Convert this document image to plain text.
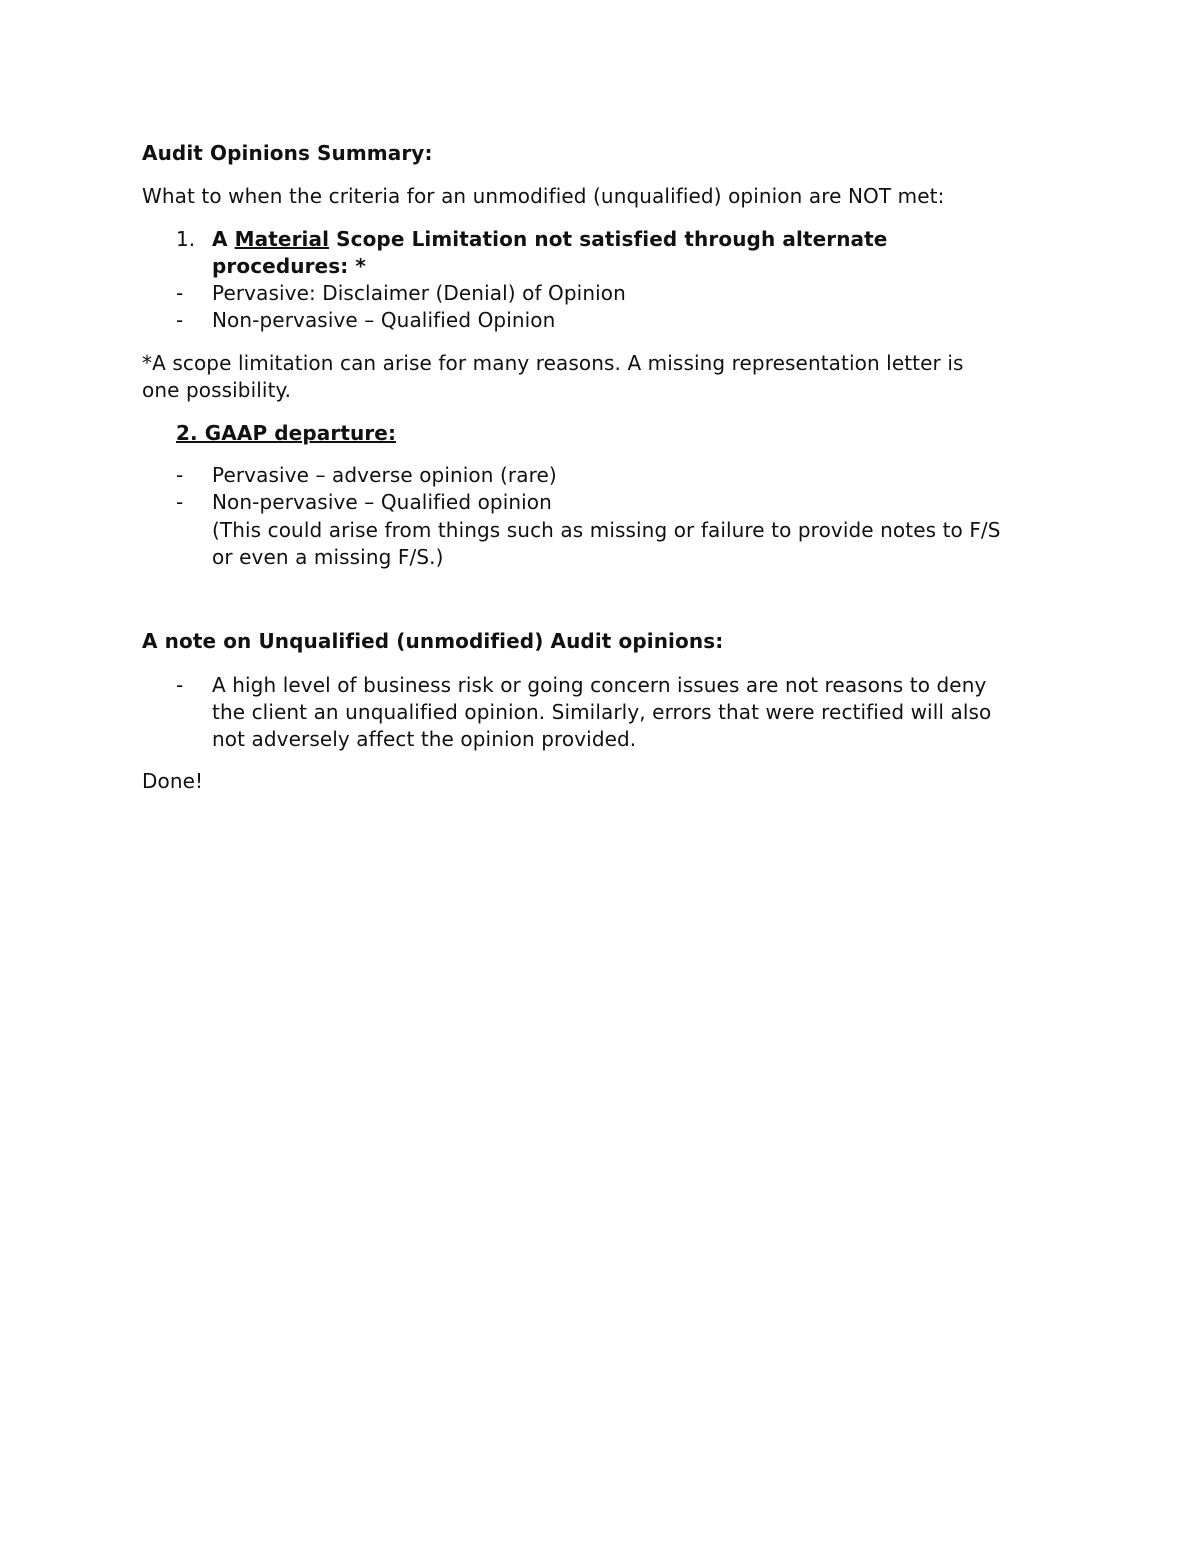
Audit Opinions Summary:
What to when the criteria for an unmodified (unqualified) opinion are NOT met:
1. A Material Scope Limitation not satisfied through alternate
procedures: *
- Pervasive: Disclaimer (Denial) of Opinion
- Non-pervasive – Qualified Opinion
*A scope limitation can arise for many reasons. A missing representation letter is
one possibility.
2. GAAP departure:
- Pervasive – adverse opinion (rare)
- Non-pervasive – Qualified opinion
(This could arise from things such as missing or failure to provide notes to F/S
or even a missing F/S.)
A note on Unqualified (unmodified) Audit opinions:
- A high level of business risk or going concern issues are not reasons to deny
the client an unqualified opinion. Similarly, errors that were rectified will also
not adversely affect the opinion provided.
Done!
